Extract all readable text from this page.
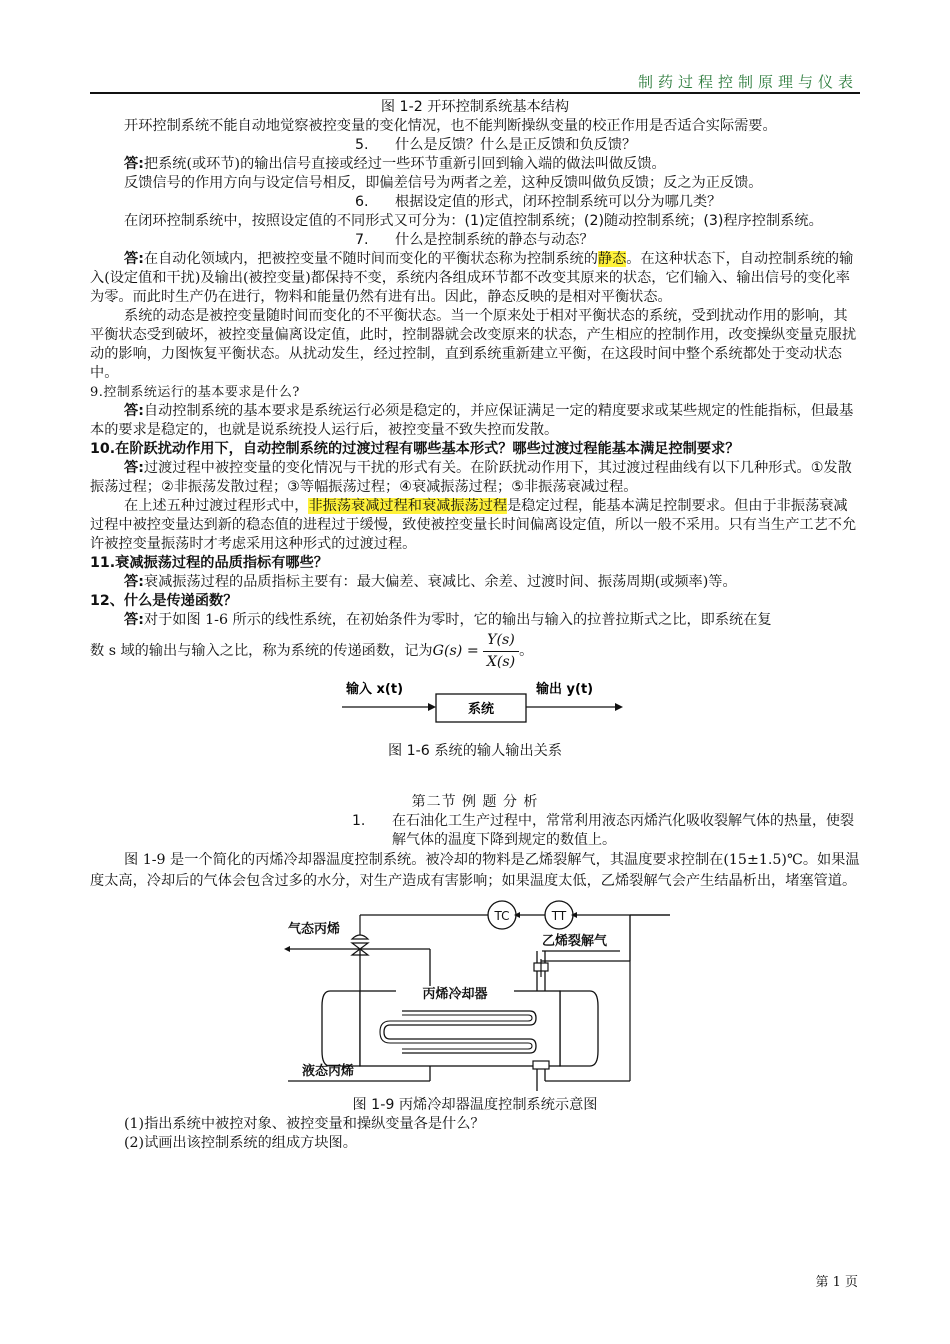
制药过程控制原理与仪表
图 1-2 开环控制系统基本结构
开环控制系统不能自动地觉察被控变量的变化情况，也不能判断操纵变量的校正作用是否适合实际需要。
5. 什么是反馈？什么是正反馈和负反馈？
答:把系统(或环节)的输出信号直接或经过一些环节重新引回到输入端的做法叫做反馈。
反馈信号的作用方向与设定信号相反，即偏差信号为两者之差，这种反馈叫做负反馈；反之为正反馈。
6. 根据设定值的形式，闭环控制系统可以分为哪几类？
在闭环控制系统中，按照设定值的不同形式又可分为：(1)定值控制系统；(2)随动控制系统；(3)程序控制系统。
7. 什么是控制系统的静态与动态？
答:在自动化领域内，把被控变量不随时间而变化的平衡状态称为控制系统的静态。在这种状态下，自动控制系统的输入(设定值和干扰)及输出(被控变量)都保持不变，系统内各组成环节都不改变其原来的状态，它们输入、输出信号的变化率为零。而此时生产仍在进行，物料和能量仍然有进有出。因此，静态反映的是相对平衡状态。
系统的动态是被控变量随时间而变化的不平衡状态。当一个原来处于相对平衡状态的系统，受到扰动作用的影响，其平衡状态受到破坏，被控变量偏离设定值，此时，控制器就会改变原来的状态，产生相应的控制作用，改变操纵变量克服扰动的影响，力图恢复平衡状态。从扰动发生，经过控制，直到系统重新建立平衡，在这段时间中整个系统都处于变动状态中。
9.控制系统运行的基本要求是什么?
答:自动控制系统的基本要求是系统运行必须是稳定的，并应保证满足一定的精度要求或某些规定的性能指标，但最基本的要求是稳定的，也就是说系统投人运行后，被控变量不致失控而发散。
10.在阶跃扰动作用下，自动控制系统的过渡过程有哪些基本形式？哪些过渡过程能基本满足控制要求？
答:过渡过程中被控变量的变化情况与干扰的形式有关。在阶跃扰动作用下，其过渡过程曲线有以下几种形式。①发散振荡过程；②非振荡发散过程；③等幅振荡过程；④衰减振荡过程；⑤非振荡衰减过程。
在上述五种过渡过程形式中，非振荡衰减过程和衰减振荡过程是稳定过程，能基本满足控制要求。但由于非振荡衰减过程中被控变量达到新的稳态值的进程过于缓慢，致使被控变量长时间偏离设定值，所以一般不采用。只有当生产工艺不允许被控变量振荡时才考虑采用这种形式的过渡过程。
11.衰减振荡过程的品质指标有哪些？
答:衰减振荡过程的品质指标主要有：最大偏差、衰减比、余差、过渡时间、振荡周期(或频率)等。
12、什么是传递函数？
答:对于如图 1-6 所示的线性系统，在初始条件为零时，它的输出与输入的拉普拉斯式之比，即系统在复
数 s 域的输出与输入之比，称为系统的传递函数，记为 $G(s) = \frac{Y(s)}{X(s)}$ 。
输入 x(t)
系统
输出 y(t)
图 1-6 系统的输人输出关系
第二节 例 题 分 析
1.	在石油化工生产过程中，常常利用液态丙烯汽化吸收裂解气体的热量，使裂解气体的温度下降到规定的数值上。
图 1-9 是一个简化的丙烯冷却器温度控制系统。被冷却的物料是乙烯裂解气，其温度要求控制在(15±1.5)℃。如果温度太高，冷却后的气体会包含过多的水分，对生产造成有害影响；如果温度太低，乙烯裂解气会产生结晶析出，堵塞管道。
TC	TT
气态丙烯
丙烯冷却器
乙烯裂解气
液态丙烯
图 1-9 丙烯冷却器温度控制系统示意图
(1)指出系统中被控对象、被控变量和操纵变量各是什么？
(2)试画出该控制系统的组成方块图。
第 1 页
